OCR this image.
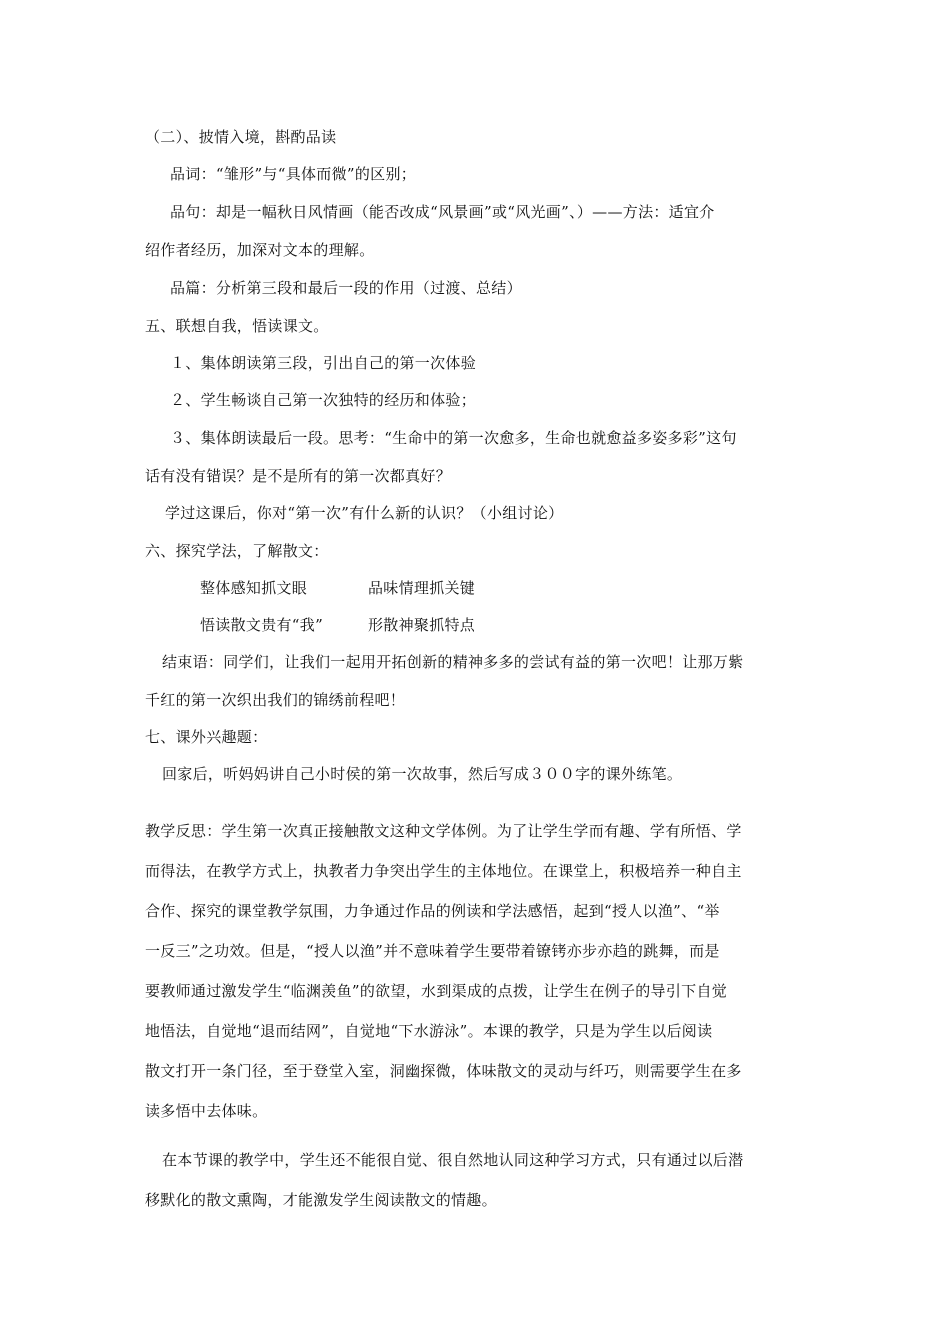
（二）、披情入境，斟酌品读
品词：“雏形”与“具体而微”的区别；
品句：却是一幅秋日风情画（能否改成“风景画”或“风光画”、）——方法：适宜介
绍作者经历，加深对文本的理解。
品篇：分析第三段和最后一段的作用（过渡、总结）
五、联想自我，悟读课文。
１、集体朗读第三段，引出自己的第一次体验
２、学生畅谈自己第一次独特的经历和体验；
３、集体朗读最后一段。思考：“生命中的第一次愈多，生命也就愈益多姿多彩”这句
话有没有错误？是不是所有的第一次都真好？
学过这课后，你对“第一次”有什么新的认识？（小组讨论）
六、探究学法，了解散文：
整体感知抓文眼	品味情理抓关键
悟读散文贵有“我”	形散神聚抓特点
结束语：同学们，让我们一起用开拓创新的精神多多的尝试有益的第一次吧！让那万紫
千红的第一次织出我们的锦绣前程吧！
七、课外兴趣题：
回家后，听妈妈讲自己小时侯的第一次故事，然后写成３００字的课外练笔。
教学反思：学生第一次真正接触散文这种文学体例。为了让学生学而有趣、学有所悟、学
而得法，在教学方式上，执教者力争突出学生的主体地位。在课堂上，积极培养一种自主
合作、探究的课堂教学氛围，力争通过作品的例读和学法感悟，起到“授人以渔”、“举
一反三”之功效。但是，“授人以渔”并不意味着学生要带着镣铐亦步亦趋的跳舞，而是
要教师通过激发学生“临渊羡鱼”的欲望，水到渠成的点拨，让学生在例子的导引下自觉
地悟法，自觉地“退而结网”，自觉地“下水游泳”。本课的教学，只是为学生以后阅读
散文打开一条门径，至于登堂入室，洞幽探微，体味散文的灵动与纤巧，则需要学生在多
读多悟中去体味。
在本节课的教学中，学生还不能很自觉、很自然地认同这种学习方式，只有通过以后潜
移默化的散文熏陶，才能激发学生阅读散文的情趣。
